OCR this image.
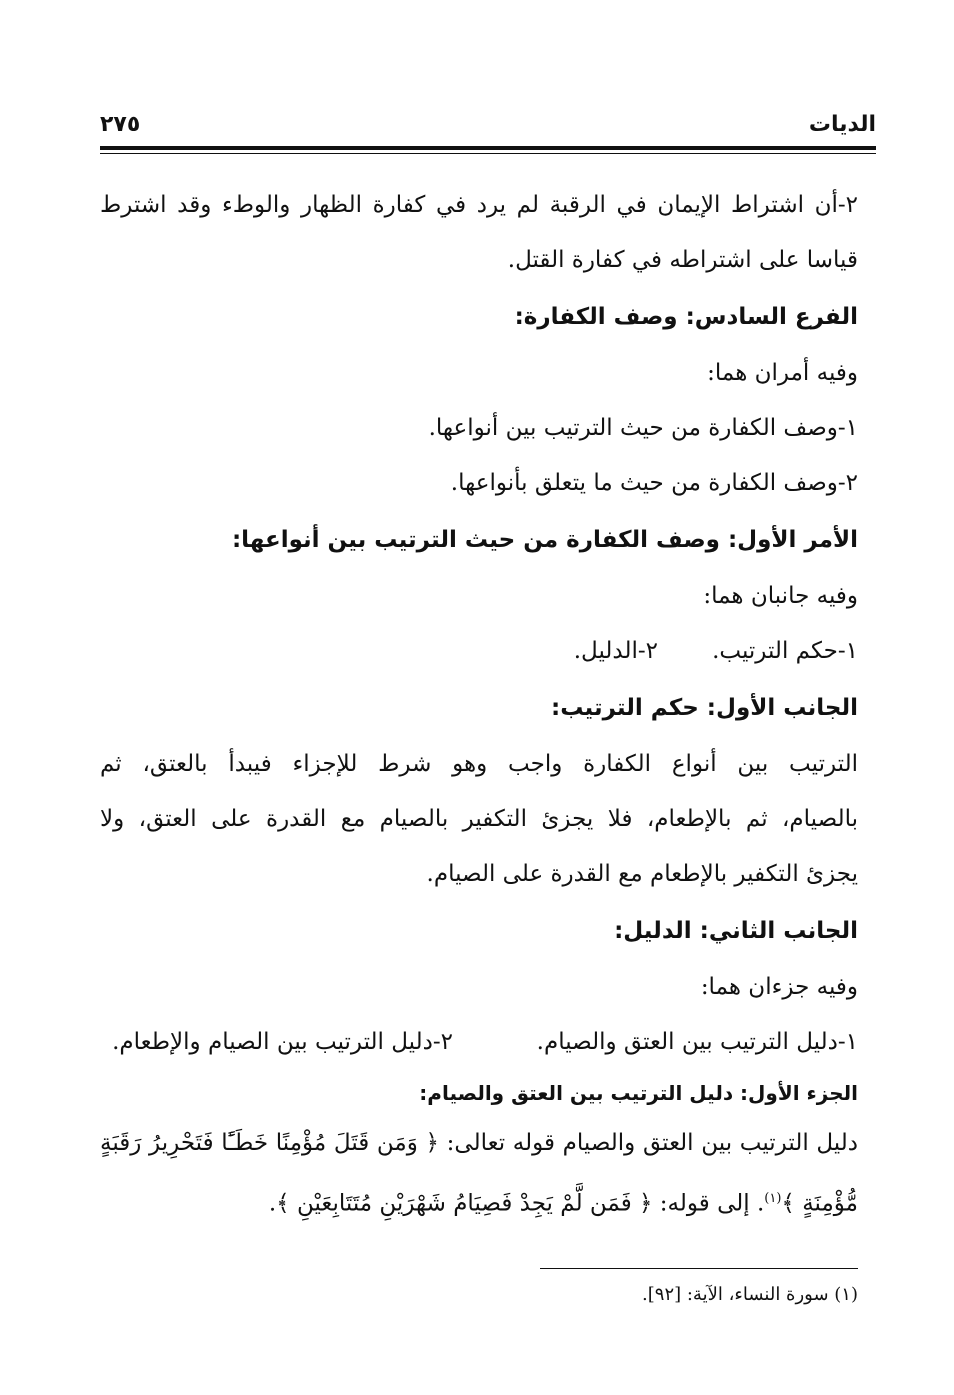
الديات
٢٧٥
٢-أن اشتراط الإيمان في الرقبة لم يرد في كفارة الظهار والوطء وقد اشترط
قياسا على اشتراطه في كفارة القتل.
الفرع السادس: وصف الكفارة:
وفيه أمران هما:
١-وصف الكفارة من حيث الترتيب بين أنواعها.
٢-وصف الكفارة من حيث ما يتعلق بأنواعها.
الأمر الأول: وصف الكفارة من حيث الترتيب بين أنواعها:
وفيه جانبان هما:
١-حكم الترتيب.
٢-الدليل.
الجانب الأول: حكم الترتيب:
الترتيب بين أنواع الكفارة واجب وهو شرط للإجزاء فيبدأ بالعتق، ثم
بالصيام، ثم بالإطعام، فلا يجزئ التكفير بالصيام مع القدرة على العتق، ولا
يجزئ التكفير بالإطعام مع القدرة على الصيام.
الجانب الثاني: الدليل:
وفيه جزءان هما:
١-دليل الترتيب بين العتق والصيام.
٢-دليل الترتيب بين الصيام والإطعام.
الجزء الأول: دليل الترتيب بين العتق والصيام:
دليل الترتيب بين العتق والصيام قوله تعالى: ﴿ وَمَن قَتَلَ مُؤْمِنًا خَطَـًٔا فَتَحْرِيرُ رَقَبَةٍ
مُّؤْمِنَةٍ ﴾$^{(١)}$. إلى قوله: ﴿ فَمَن لَّمْ يَجِدْ فَصِيَامُ شَهْرَيْنِ مُتَتَابِعَيْنِ ﴾.
(١) سورة النساء، الآية: [٩٢].
